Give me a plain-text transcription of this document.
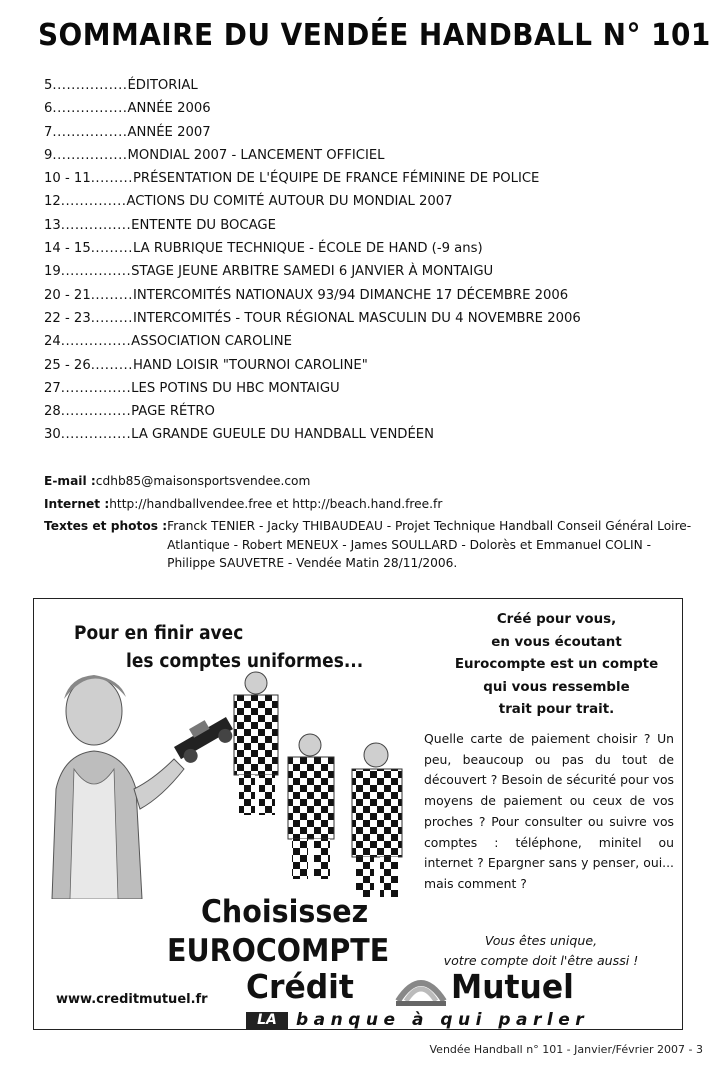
SOMMAIRE DU VENDÉE HANDBALL N° 101
5 ................ ÉDITORIAL
6 ................ ANNÉE 2006
7 ................ ANNÉE 2007
9 ................ MONDIAL 2007 - LANCEMENT OFFICIEL
10 - 11 ......... PRÉSENTATION DE L'ÉQUIPE DE FRANCE FÉMININE DE POLICE
12 .............. ACTIONS DU COMITÉ AUTOUR DU MONDIAL 2007
13 ............... ENTENTE DU BOCAGE
14 - 15 ......... LA RUBRIQUE TECHNIQUE - ÉCOLE DE HAND (-9 ans)
19 ............... STAGE JEUNE ARBITRE SAMEDI 6 JANVIER À MONTAIGU
20 - 21 ......... INTERCOMITÉS NATIONAUX 93/94 DIMANCHE 17 DÉCEMBRE 2006
22 - 23 ......... INTERCOMITÉS - TOUR RÉGIONAL MASCULIN DU 4 NOVEMBRE 2006
24 ............... ASSOCIATION CAROLINE
25 - 26 ......... HAND LOISIR "TOURNOI CAROLINE"
27 ............... LES POTINS DU HBC MONTAIGU
28 ............... PAGE RÉTRO
30 ............... LA GRANDE GUEULE DU HANDBALL VENDÉEN
E-mail : cdhb85@maisonsportsvendee.com
Internet : http://handballvendee.free et http://beach.hand.free.fr
Textes et photos : Franck TENIER - Jacky THIBAUDEAU - Projet Technique Handball Conseil Général Loire-Atlantique - Robert MENEUX - James SOULLARD - Dolorès et Emmanuel COLIN - Philippe SAUVETRE - Vendée Matin 28/11/2006.
Pour en finir avec
les comptes uniformes...
Créé pour vous,
en vous écoutant
Eurocompte est un compte
qui vous ressemble
trait pour trait.
Quelle carte de paiement choisir ? Un peu, beaucoup ou pas du tout de découvert ? Besoin de sécurité pour vos moyens de paiement ou ceux de vos proches ? Pour consulter ou suivre vos comptes : téléphone, minitel ou internet ? Epargner sans y penser, oui... mais comment ?
Vous êtes unique,
votre compte doit l'être aussi !
Choisissez
EUROCOMPTE
www.creditmutuel.fr Crédit	Mutuel
LA	banque à qui parler
Vendée Handball n° 101 - Janvier/Février 2007 - 3
